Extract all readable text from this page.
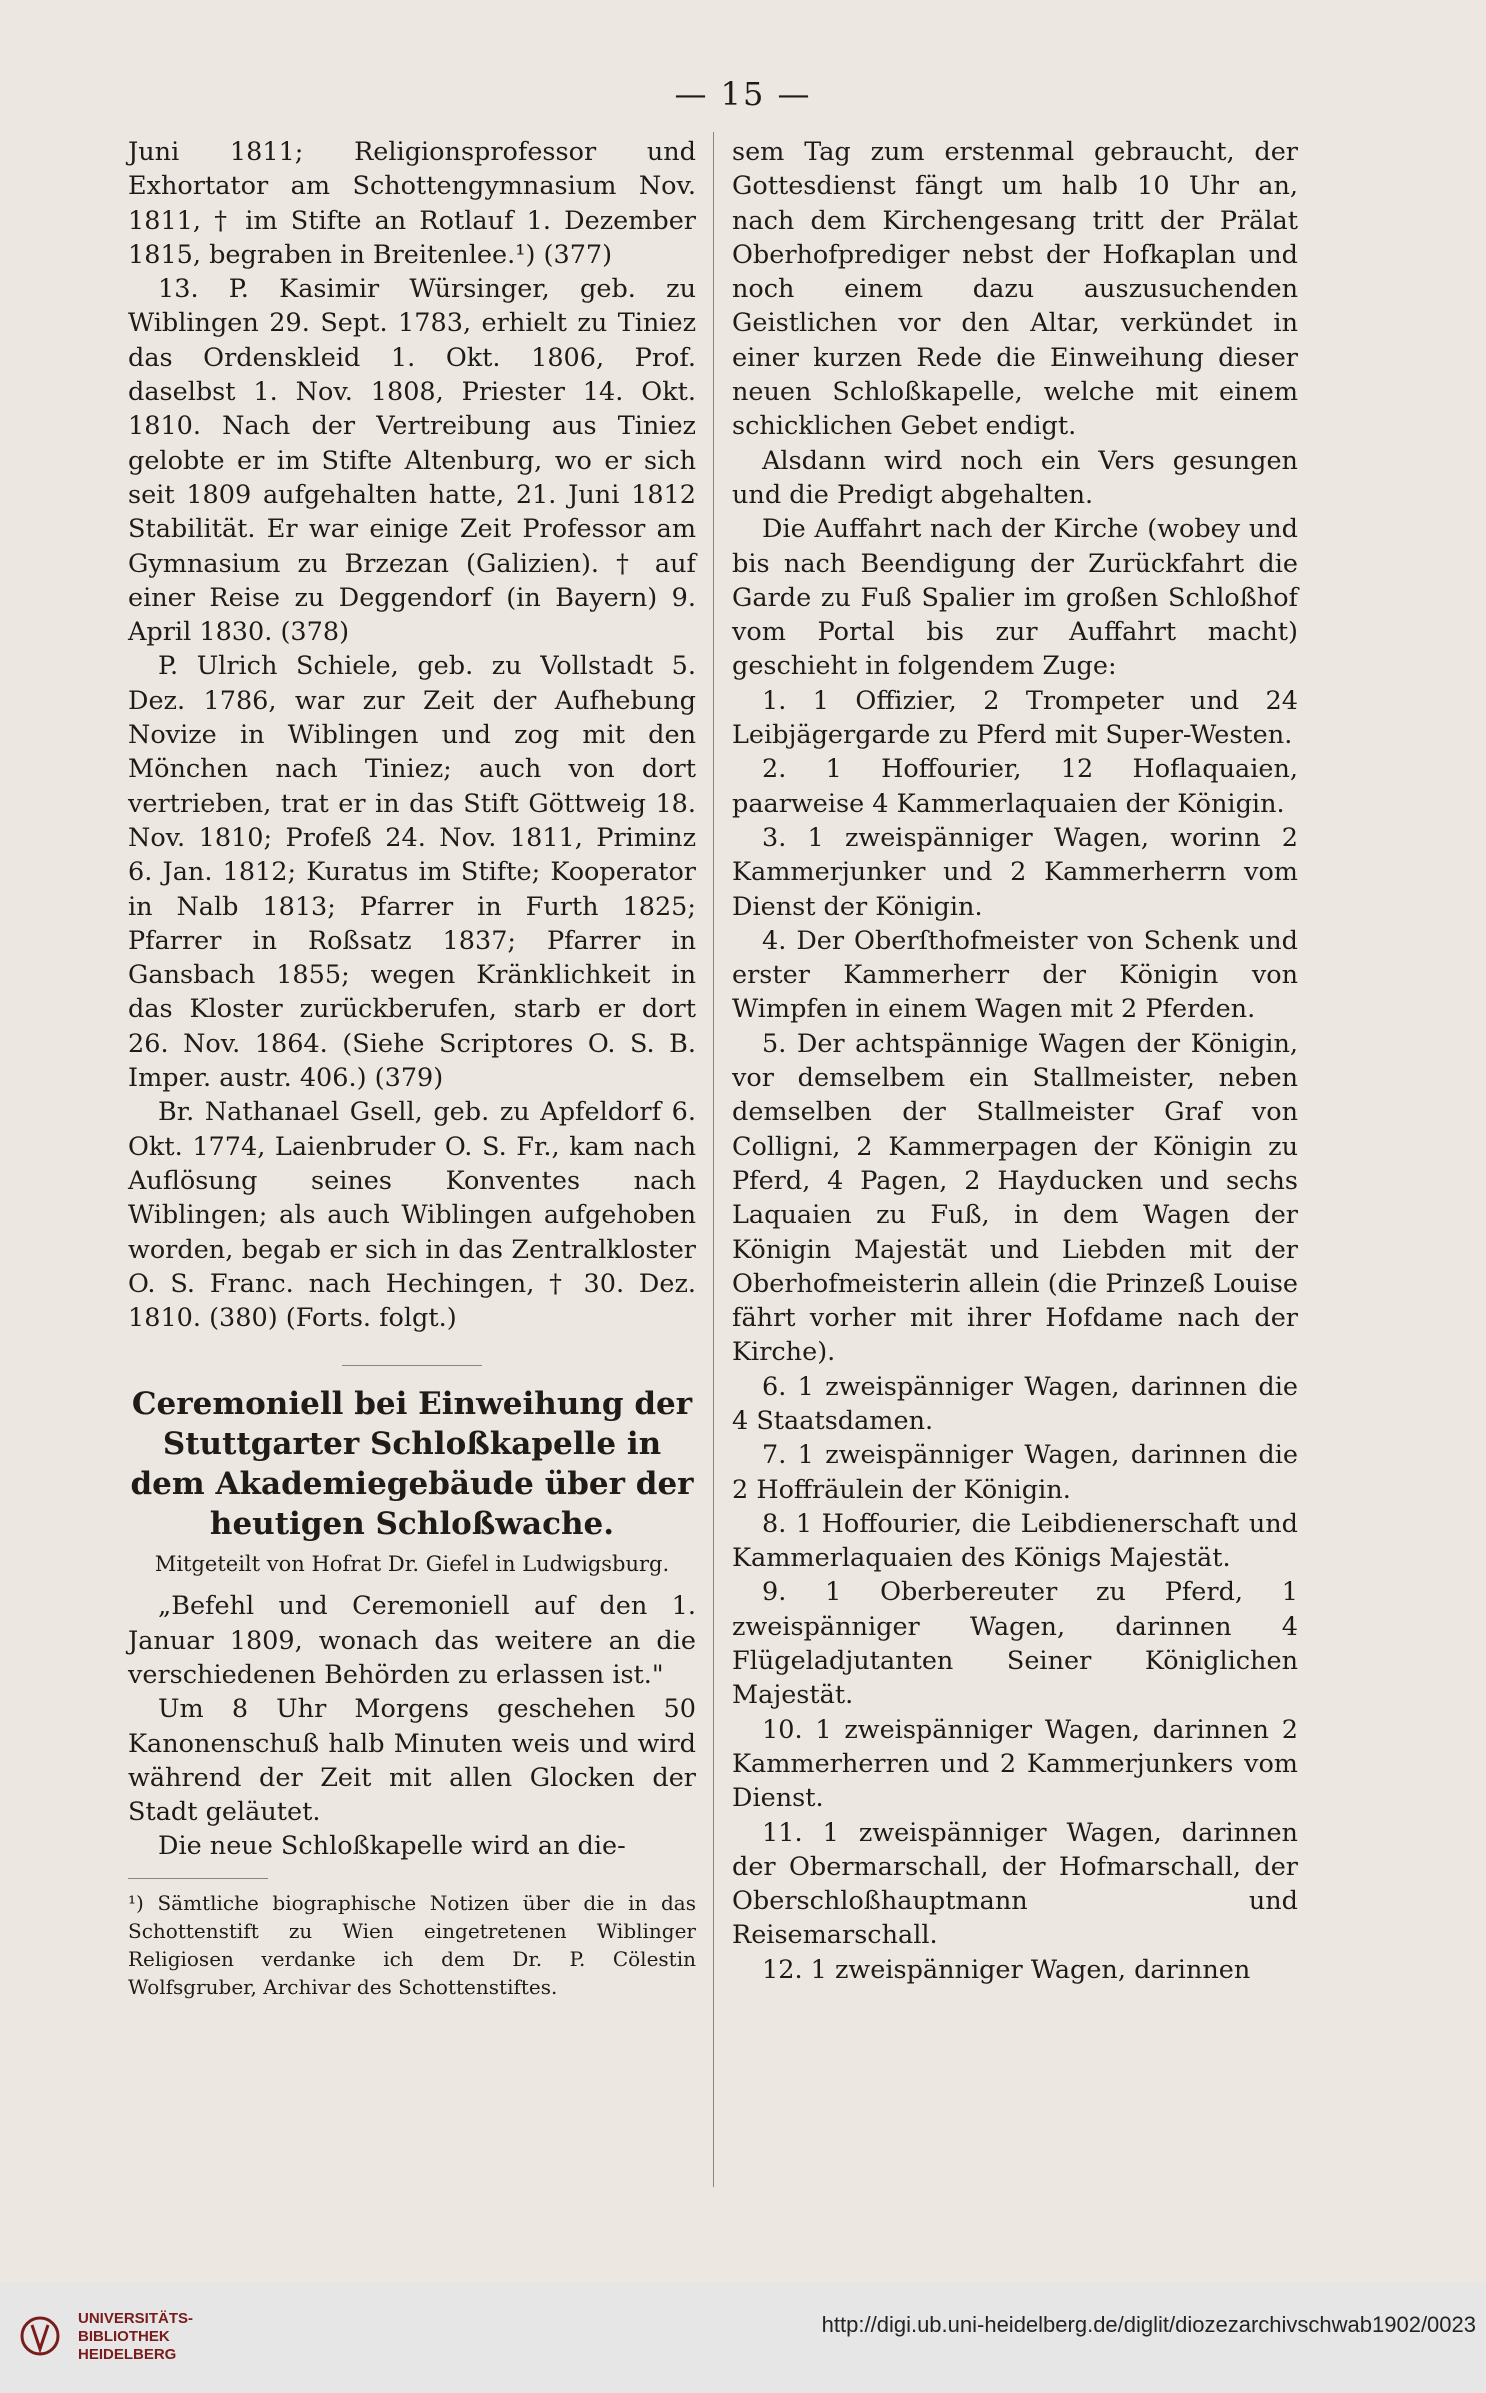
— 15 —

Juni 1811; Religionsprofessor und Exhortator am Schottengymnasium Nov. 1811, † im Stifte an Rotlauf 1. Dezember 1815, begraben in Breitenlee.¹) (377)

13. P. Kasimir Würsinger, geb. zu Wiblingen 29. Sept. 1783, erhielt zu Tiniez das Ordenskleid 1. Okt. 1806, Prof. daselbst 1. Nov. 1808, Priester 14. Okt. 1810. Nach der Vertreibung aus Tiniez gelobte er im Stifte Altenburg, wo er sich seit 1809 aufgehalten hatte, 21. Juni 1812 Stabilität. Er war einige Zeit Professor am Gymnasium zu Brzezan (Galizien). † auf einer Reise zu Deggendorf (in Bayern) 9. April 1830. (378)

P. Ulrich Schiele, geb. zu Vollstadt 5. Dez. 1786, war zur Zeit der Aufhebung Novize in Wiblingen und zog mit den Mönchen nach Tiniez; auch von dort vertrieben, trat er in das Stift Göttweig 18. Nov. 1810; Profeß 24. Nov. 1811, Priminz 6. Jan. 1812; Kuratus im Stifte; Kooperator in Nalb 1813; Pfarrer in Furth 1825; Pfarrer in Roßsatz 1837; Pfarrer in Gansbach 1855; wegen Kränklichkeit in das Kloster zurückberufen, starb er dort 26. Nov. 1864. (Siehe Scriptores O. S. B. Imper. austr. 406.) (379)

Br. Nathanael Gsell, geb. zu Apfeldorf 6. Okt. 1774, Laienbruder O. S. Fr., kam nach Auflösung seines Konventes nach Wiblingen; als auch Wiblingen aufgehoben worden, begab er sich in das Zentralkloster O. S. Franc. nach Hechingen, † 30. Dez. 1810. (380) (Forts. folgt.)

Ceremoniell bei Einweihung der Stuttgarter Schloßkapelle in dem Akademiegebäude über der heutigen Schloßwache.

Mitgeteilt von Hofrat Dr. Giefel in Ludwigsburg.

„Befehl und Ceremoniell auf den 1. Januar 1809, wonach das weitere an die verschiedenen Behörden zu erlassen ist."

Um 8 Uhr Morgens geschehen 50 Kanonenschuß halb Minuten weis und wird während der Zeit mit allen Glocken der Stadt geläutet.

Die neue Schloßkapelle wird an die-

¹) Sämtliche biographische Notizen über die in das Schottenstift zu Wien eingetretenen Wiblinger Religiosen verdanke ich dem Dr. P. Cölestin Wolfsgruber, Archivar des Schottenstiftes.

sem Tag zum erstenmal gebraucht, der Gottesdienst fängt um halb 10 Uhr an, nach dem Kirchengesang tritt der Prälat Oberhofprediger nebst der Hofkaplan und noch einem dazu auszusuchenden Geistlichen vor den Altar, verkündet in einer kurzen Rede die Einweihung dieser neuen Schloßkapelle, welche mit einem schicklichen Gebet endigt.

Alsdann wird noch ein Vers gesungen und die Predigt abgehalten.

Die Auffahrt nach der Kirche (wobey und bis nach Beendigung der Zurückfahrt die Garde zu Fuß Spalier im großen Schloßhof vom Portal bis zur Auffahrt macht) geschieht in folgendem Zuge:

1. 1 Offizier, 2 Trompeter und 24 Leibjägergarde zu Pferd mit Super-Westen.

2. 1 Hoffourier, 12 Hoflaquaien, paarweise 4 Kammerlaquaien der Königin.

3. 1 zweispänniger Wagen, worinn 2 Kammerjunker und 2 Kammerherrn vom Dienst der Königin.

4. Der Oberſthofmeister von Schenk und erster Kammerherr der Königin von Wimpfen in einem Wagen mit 2 Pferden.

5. Der achtspännige Wagen der Königin, vor demselbem ein Stallmeister, neben demselben der Stallmeister Graf von Colligni, 2 Kammerpagen der Königin zu Pferd, 4 Pagen, 2 Hayducken und sechs Laquaien zu Fuß, in dem Wagen der Königin Majestät und Liebden mit der Oberhofmeisterin allein (die Prinzeß Louise fährt vorher mit ihrer Hofdame nach der Kirche).

6. 1 zweispänniger Wagen, darinnen die 4 Staatsdamen.

7. 1 zweispänniger Wagen, darinnen die 2 Hoffräulein der Königin.

8. 1 Hoffourier, die Leibdienerschaft und Kammerlaquaien des Königs Majestät.

9. 1 Oberbereuter zu Pferd, 1 zweispänniger Wagen, darinnen 4 Flügeladjutanten Seiner Königlichen Majestät.

10. 1 zweispänniger Wagen, darinnen 2 Kammerherren und 2 Kammerjunkers vom Dienst.

11. 1 zweispänniger Wagen, darinnen der Obermarschall, der Hofmarschall, der Oberschloßhauptmann und Reisemarschall.

12. 1 zweispänniger Wagen, darinnen

UNIVERSITÄTS-
BIBLIOTHEK
HEIDELBERG
http://digi.ub.uni-heidelberg.de/diglit/diozezarchivschwab1902/0023
